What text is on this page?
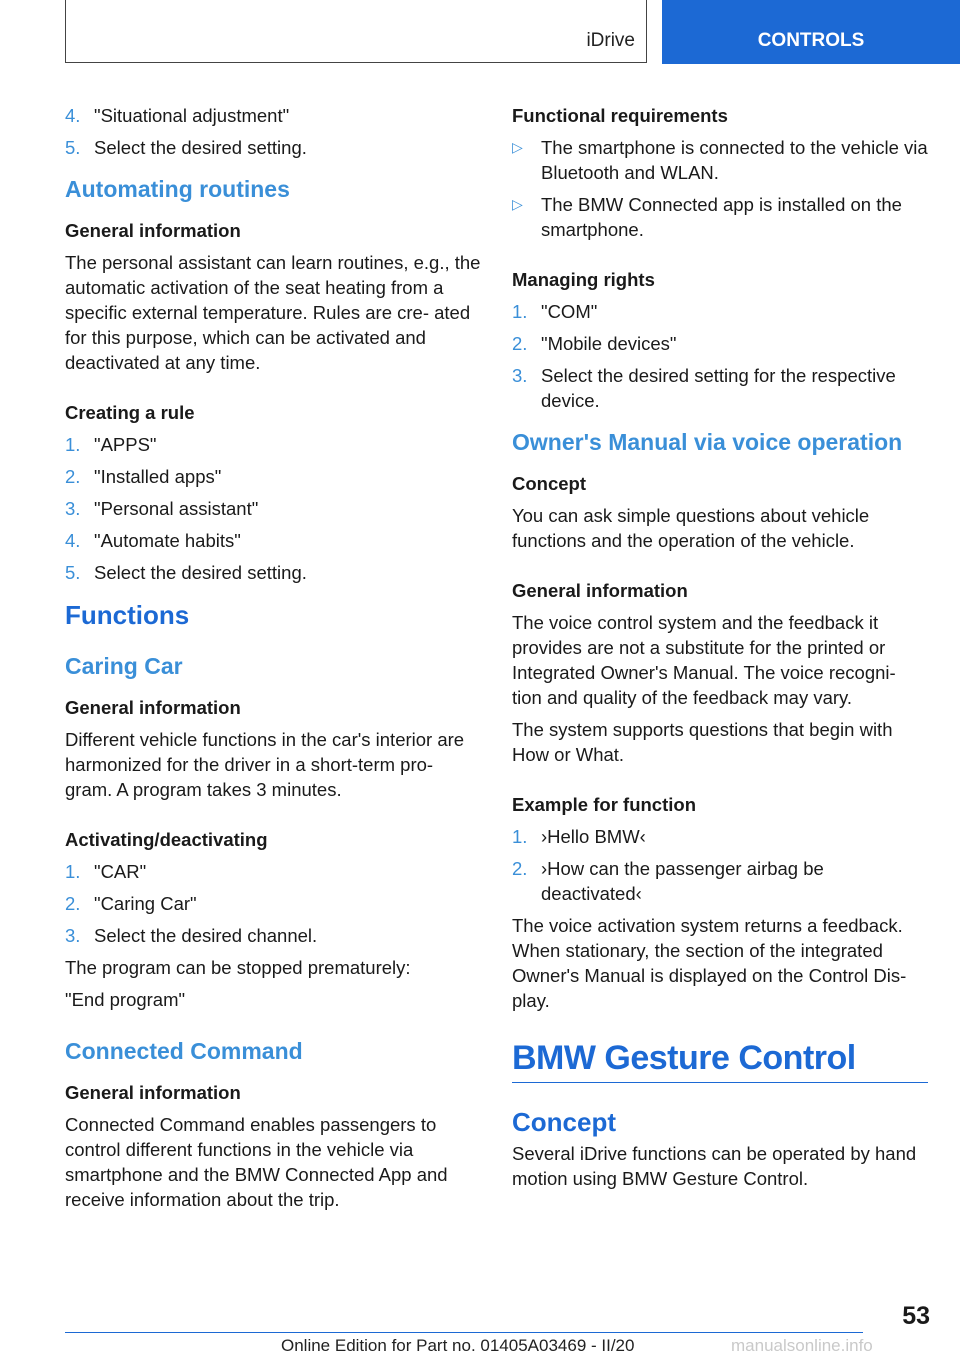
iDrive	CONTROLS
4. "Situational adjustment"
5. Select the desired setting.
Automating routines
General information

The personal assistant can learn routines, e.g., the automatic activation of the seat heating from a specific external temperature. Rules are cre‐ ated for this purpose, which can be activated and deactivated at any time.

Creating a rule
1. "APPS"
2. "Installed apps"
3. "Personal assistant"
4. "Automate habits"
5. Select the desired setting.
Functions
Caring Car
General information

Different vehicle functions in the car's interior are harmonized for the driver in a short-term pro‐ gram. A program takes 3 minutes.

Activating/deactivating
1. "CAR"
2. "Caring Car"
3. Select the desired channel.

The program can be stopped prematurely:

"End program"

Connected Command
General information

Connected Command enables passengers to control different functions in the vehicle via smartphone and the BMW Connected App and receive information about the trip.

Functional requirements
▷ The smartphone is connected to the vehicle via Bluetooth and WLAN.
▷ The BMW Connected app is installed on the smartphone.
Managing rights
1. "COM"
2. "Mobile devices"
3. Select the desired setting for the respective device.
Owner's Manual via voice operation
Concept

You can ask simple questions about vehicle functions and the operation of the vehicle.

General information

The voice control system and the feedback it provides are not a substitute for the printed or Integrated Owner's Manual. The voice recogni‐ tion and quality of the feedback may vary.

The system supports questions that begin with How or What.

Example for function
1. ›Hello BMW‹
2. ›How can the passenger airbag be deactivated‹

The voice activation system returns a feedback. When stationary, the section of the integrated Owner's Manual is displayed on the Control Dis‐ play.

BMW Gesture Control
Concept

Several iDrive functions can be operated by hand motion using BMW Gesture Control.

53
Online Edition for Part no. 01405A03469 - II/20	manualsonline.info
